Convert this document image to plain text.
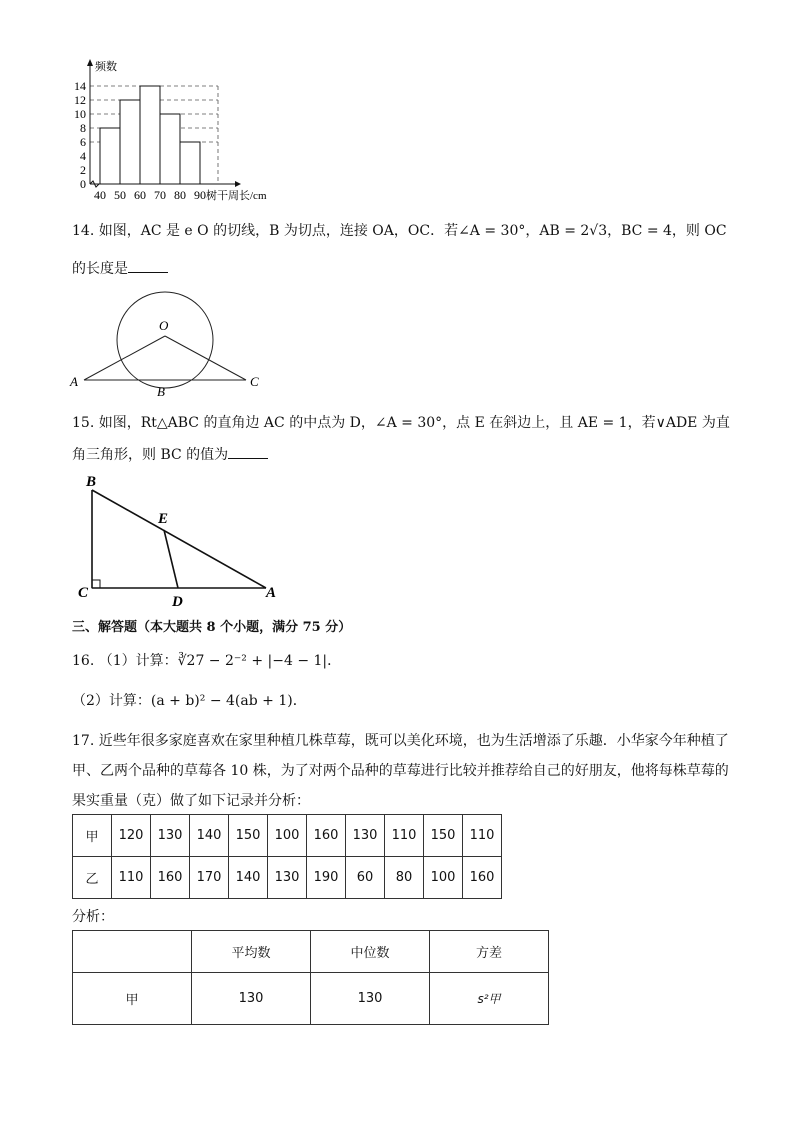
0
2
4
6
8
10
12
14
40 50 60 70 80 90
频数
树干周长/cm
14. 如图，AC 是 e O 的切线，B 为切点，连接 OA，OC．若∠A = 30°，AB = 2√3，BC = 4，则 OC
的长度是
O
A
B
C
15. 如图，Rt△ABC 的直角边 AC 的中点为 D，∠A = 30°，点 E 在斜边上，且 AE = 1，若∨ADE 为直
角三角形，则 BC 的值为
B
E
C
D
A
三、解答题（本大题共 8 个小题，满分 75 分）
16. （1）计算：∛27 − 2⁻² + |−4 − 1|．
（2）计算：(a + b)² − 4(ab + 1)．
17. 近些年很多家庭喜欢在家里种植几株草莓，既可以美化环境，也为生活增添了乐趣．小华家今年种植了
甲、乙两个品种的草莓各 10 株，为了对两个品种的草莓进行比较并推荐给自己的好朋友，他将每株草莓的
果实重量（克）做了如下记录并分析：
甲	120	130	140	150	100	160	130	110	150	110
乙	110	160	170	140	130	190	60	80	100	160
分析：
	平均数	中位数	方差
甲	130	130	s²甲
